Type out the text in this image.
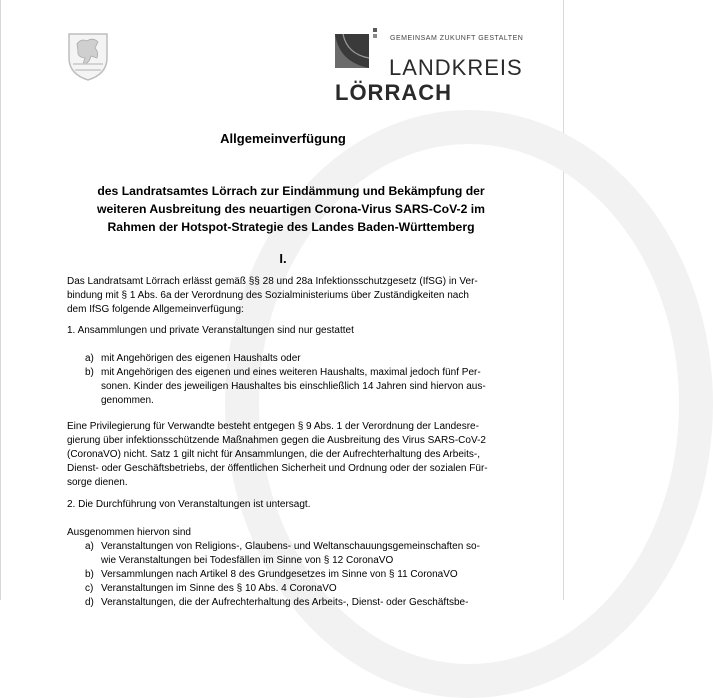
GEMEINSAM ZUKUNFT GESTALTEN
LANDKREIS
LÖRRACH
Allgemeinverfügung
des Landratsamtes Lörrach zur Eindämmung und Bekämpfung der
weiteren Ausbreitung des neuartigen Corona-Virus SARS-CoV-2 im
Rahmen der Hotspot-Strategie des Landes Baden-Württemberg
I.
Das Landratsamt Lörrach erlässt gemäß §§ 28 und 28a Infektionsschutzgesetz (IfSG) in Ver-
bindung mit § 1 Abs. 6a der Verordnung des Sozialministeriums über Zuständigkeiten nach
dem IfSG folgende Allgemeinverfügung:
1. Ansammlungen und private Veranstaltungen sind nur gestattet
a) mit Angehörigen des eigenen Haushalts oder
b) mit Angehörigen des eigenen und eines weiteren Haushalts, maximal jedoch fünf Per-
sonen. Kinder des jeweiligen Haushaltes bis einschließlich 14 Jahren sind hiervon aus-
genommen.
Eine Privilegierung für Verwandte besteht entgegen § 9 Abs. 1 der Verordnung der Landesre-
gierung über infektionsschützende Maßnahmen gegen die Ausbreitung des Virus SARS-CoV-2
(CoronaVO) nicht. Satz 1 gilt nicht für Ansammlungen, die der Aufrechterhaltung des Arbeits-,
Dienst- oder Geschäftsbetriebs, der öffentlichen Sicherheit und Ordnung oder der sozialen Für-
sorge dienen.
2. Die Durchführung von Veranstaltungen ist untersagt.
Ausgenommen hiervon sind
a) Veranstaltungen von Religions-, Glaubens- und Weltanschauungsgemeinschaften so-
wie Veranstaltungen bei Todesfällen im Sinne von § 12 CoronaVO
b) Versammlungen nach Artikel 8 des Grundgesetzes im Sinne von § 11 CoronaVO
c) Veranstaltungen im Sinne des § 10 Abs. 4 CoronaVO
d) Veranstaltungen, die der Aufrechterhaltung des Arbeits-, Dienst- oder Geschäftsbe-
